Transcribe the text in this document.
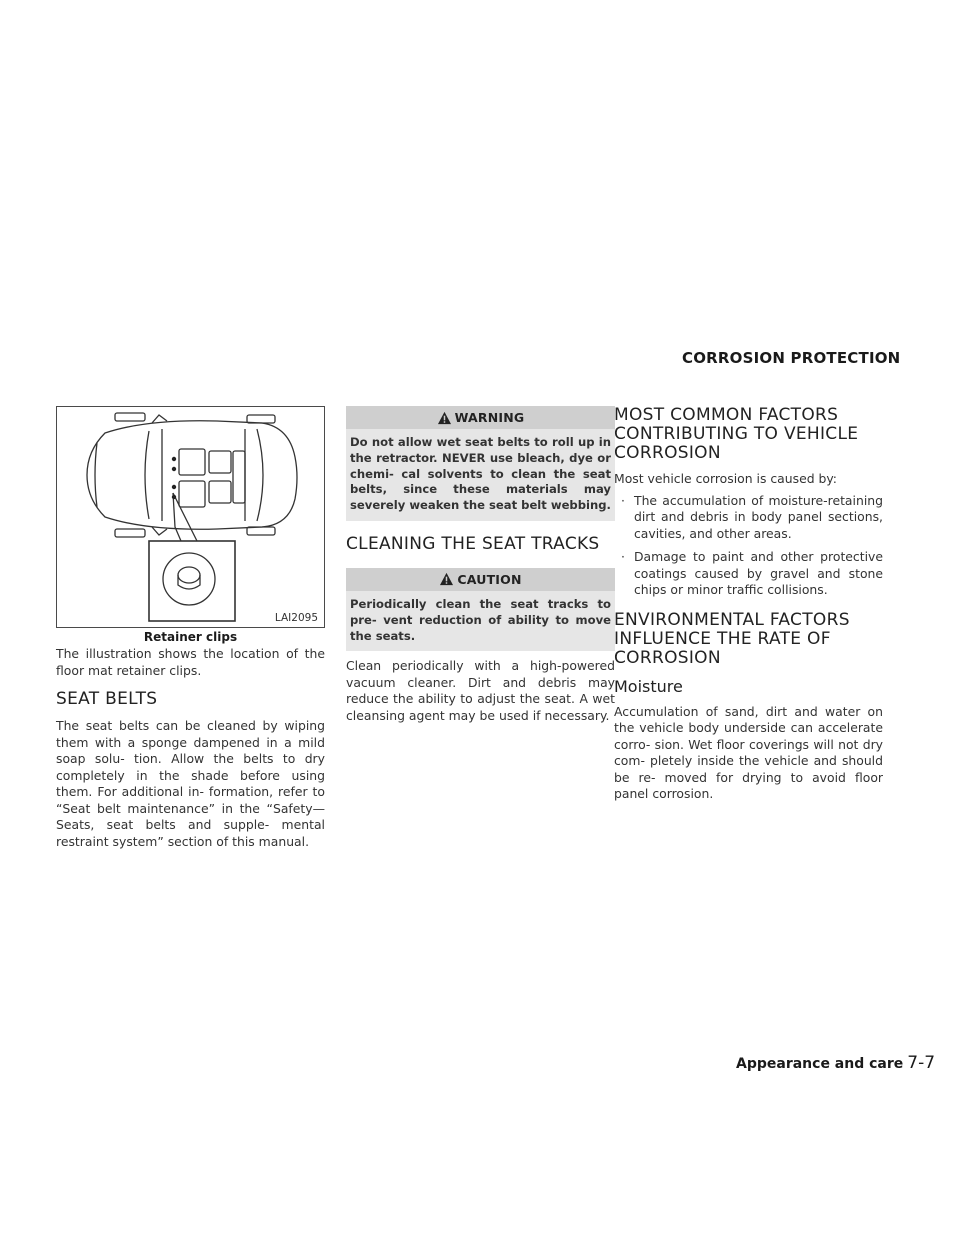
CORROSION PROTECTION
LAI2095
Retainer clips

The illustration shows the location of the floor mat retainer clips.

SEAT BELTS

The seat belts can be cleaned by wiping them with a sponge dampened in a mild soap solu- tion. Allow the belts to dry completely in the shade before using them. For additional in- formation, refer to “Seat belt maintenance” in the “Safety—Seats, seat belts and supple- mental restraint system” section of this manual.

WARNING
Do not allow wet seat belts to roll up in the retractor. NEVER use bleach, dye or chemi- cal solvents to clean the seat belts, since these materials may severely weaken the seat belt webbing.
CLEANING THE SEAT TRACKS
CAUTION
Periodically clean the seat tracks to pre- vent reduction of ability to move the seats.

Clean periodically with a high-powered vacuum cleaner. Dirt and debris may reduce the ability to adjust the seat. A wet cleansing agent may be used if necessary.

MOST COMMON FACTORS CONTRIBUTING TO VEHICLE CORROSION

Most vehicle corrosion is caused by:

· The accumulation of moisture-retaining dirt and debris in body panel sections, cavities, and other areas.
· Damage to paint and other protective coatings caused by gravel and stone chips or minor traffic collisions.
ENVIRONMENTAL FACTORS INFLUENCE THE RATE OF CORROSION
Moisture

Accumulation of sand, dirt and water on the vehicle body underside can accelerate corro- sion. Wet floor coverings will not dry com- pletely inside the vehicle and should be re- moved for drying to avoid floor panel corrosion.

Appearance and care 7-7
